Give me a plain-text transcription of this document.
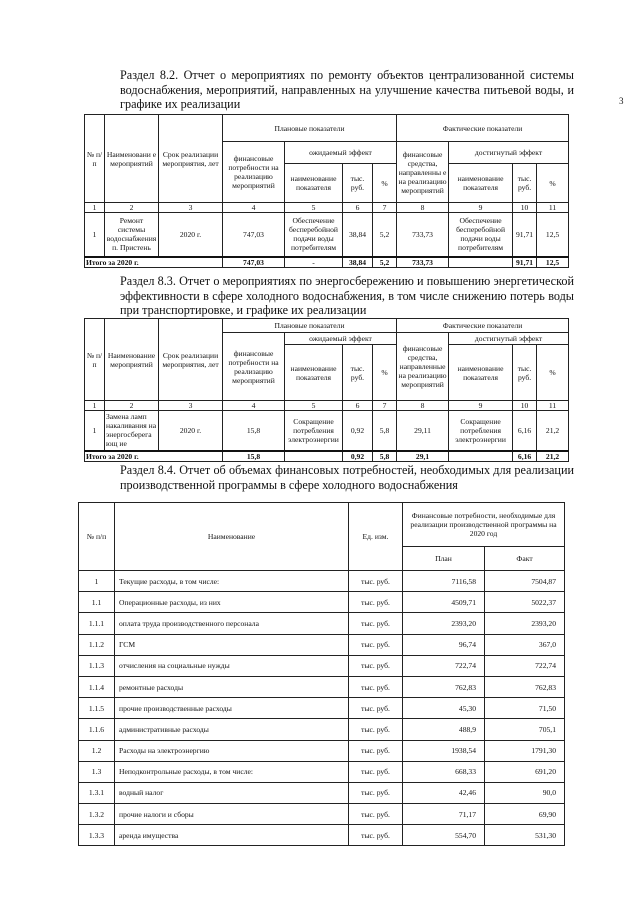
3
Раздел 8.2. Отчет о мероприятиях по ремонту объектов централизованной системы водоснабжения, мероприятий, направленных на улучшение качества питьевой воды, и графике их реализации
№ п/п	Наименовани е мероприятий	Срок реализации мероприятия, лет	Плановые показатели				Фактические показатели			
			финансовые потребности на реализацию мероприятий	ожидаемый эффект			финансовые средства, направленны е на реализацию мероприятий	достигнутый эффект		
				наименование показателя	тыс. руб.	%		наименование показателя	тыс. руб.	%
1	2	3	4	5	6	7	8	9	10	11
1	Ремонт системы водоснабжения п. Пристень	2020 г.	747,03	Обеспечение бесперебойной подачи воды потребителям	38,84	5,2	733,73	Обеспечение бесперебойной подачи воды потребителям	91,71	12,5
Итого за 2020 г.			747,03	-	38,84	5,2	733,73		91,71	12,5
Раздел 8.3. Отчет о мероприятиях по энергосбережению и повышению энергетической эффективности в сфере холодного водоснабжения, в том числе снижению потерь воды при транспортировке, и графике их реализации
№ п/п	Наименование мероприятий	Срок реализации мероприятия, лет	Плановые показатели				Фактические показатели			
			финансовые потребности на реализацию мероприятий	ожидаемый эффект			финансовые средства, направленные на реализацию мероприятий	достигнутый эффект		
				наименование показателя	тыс. руб.	%		наименование показателя	тыс. руб.	%
1	2	3	4	5	6	7	8	9	10	11
1	Замена ламп накаливания на энергосберегающ ие	2020 г.	15,8	Сокращение потребления электроэнергии	0,92	5,8	29,11	Сокращение потребления электроэнергии	6,16	21,2
Итого за 2020 г.			15,8		0,92	5,8	29,1		6,16	21,2
Раздел 8.4. Отчет об объемах финансовых потребностей, необходимых для реализации производственной программы в сфере холодного водоснабжения
№ п/п	Наименование	Ед. изм.	Финансовые потребности, необходимые для реализации производственной программы на 2020 год	
			План	Факт
1	Текущие расходы, в том числе:	тыс. руб.	7116,58	7504,87
1.1	Операционные расходы, из них	тыс. руб.	4509,71	5022,37
1.1.1	оплата труда производственного персонала	тыс. руб.	2393,20	2393,20
1.1.2	ГСМ	тыс. руб.	96,74	367,0
1.1.3	отчисления на социальные нужды	тыс. руб.	722,74	722,74
1.1.4	ремонтные расходы	тыс. руб.	762,83	762,83
1.1.5	прочие производственные расходы	тыс. руб.	45,30	71,50
1.1.6	административные расходы	тыс. руб.	488,9	705,1
1.2	Расходы на электроэнергию	тыс. руб.	1938,54	1791,30
1.3	Неподконтрольные расходы, в том числе:	тыс. руб.	668,33	691,20
1.3.1	водный налог	тыс. руб.	42,46	90,0
1.3.2	прочие налоги и сборы	тыс. руб.	71,17	69,90
1.3.3	аренда имущества	тыс. руб.	554,70	531,30
